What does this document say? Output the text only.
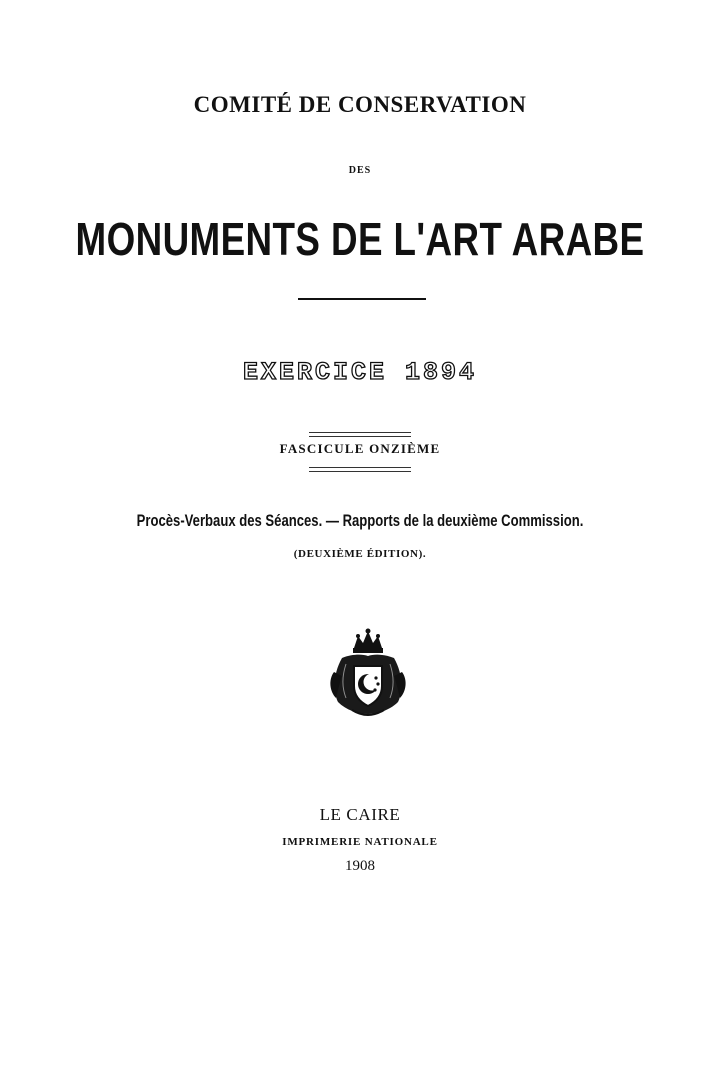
COMITÉ DE CONSERVATION
DES
MONUMENTS DE L'ART ARABE
EXERCICE 1894
FASCICULE ONZIÈME
Procès-Verbaux des Séances. — Rapports de la deuxième Commission.
(DEUXIÈME ÉDITION).
LE CAIRE
IMPRIMERIE NATIONALE
1908
